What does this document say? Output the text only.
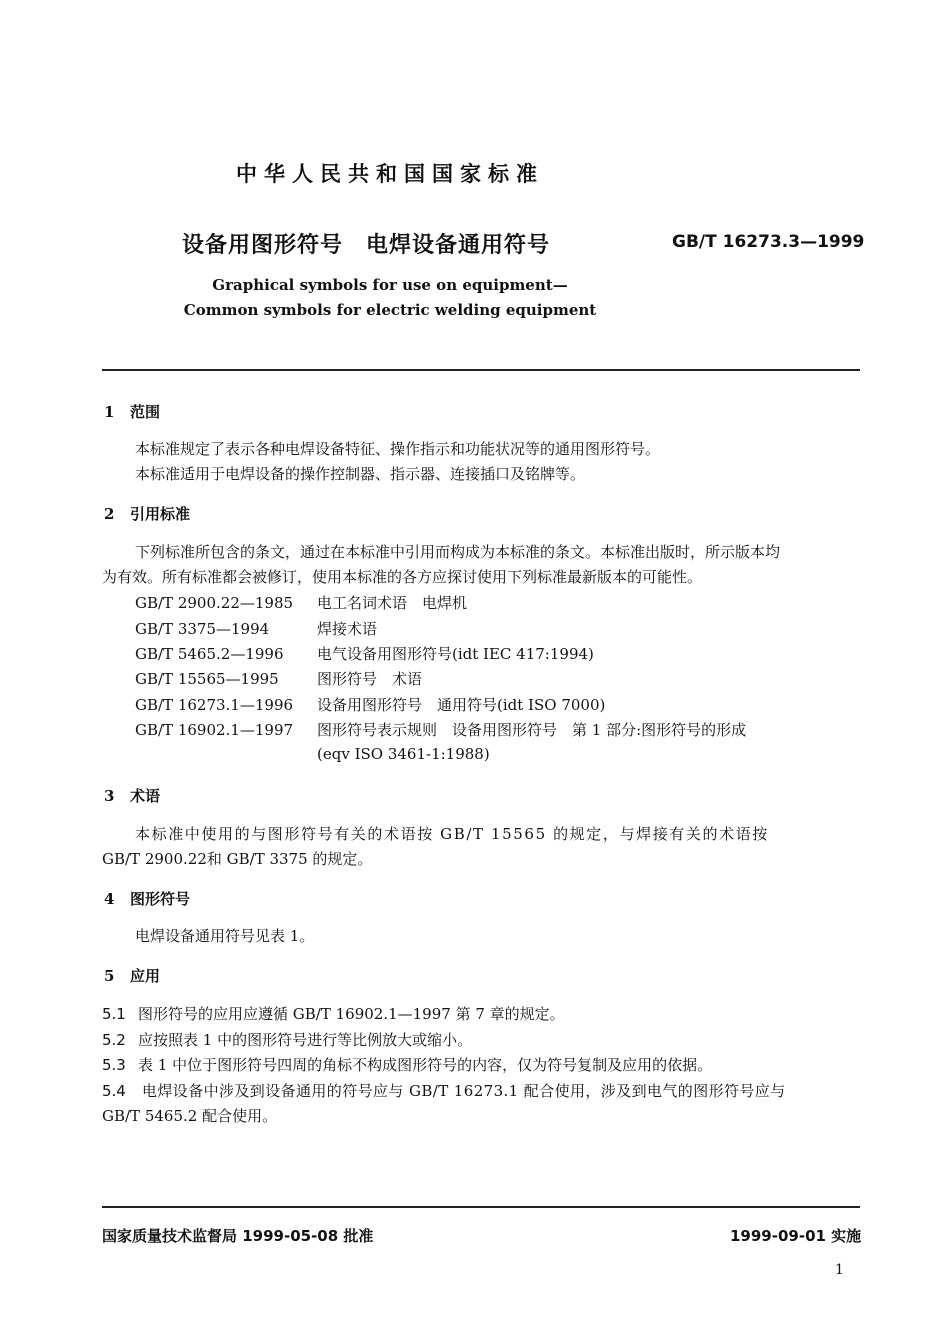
中华人民共和国国家标准
设备用图形符号　电焊设备通用符号	GB/T 16273.3—1999
Graphical symbols for use on equipment—
Common symbols for electric welding equipment
1 范围
本标准规定了表示各种电焊设备特征、操作指示和功能状况等的通用图形符号。
本标准适用于电焊设备的操作控制器、指示器、连接插口及铭牌等。
2 引用标准
下列标准所包含的条文，通过在本标准中引用而构成为本标准的条文。本标准出版时，所示版本均
为有效。所有标准都会被修订，使用本标准的各方应探讨使用下列标准最新版本的可能性。
GB/T 2900.22—1985 电工名词术语　电焊机
GB/T 3375—1994	焊接术语
GB/T 5465.2—1996 电气设备用图形符号(idt IEC 417:1994)
GB/T 15565—1995	图形符号　术语
GB/T 16273.1—1996 设备用图形符号　通用符号(idt ISO 7000)
GB/T 16902.1—1997 图形符号表示规则　设备用图形符号　第 1 部分:图形符号的形成
(eqv ISO 3461-1:1988)
3 术语
本标准中使用的与图形符号有关的术语按 GB/T 15565 的规定，与焊接有关的术语按
GB/T 2900.22和 GB/T 3375 的规定。
4 图形符号
电焊设备通用符号见表 1。
5 应用
5.1 图形符号的应用应遵循 GB/T 16902.1—1997 第 7 章的规定。
5.2 应按照表 1 中的图形符号进行等比例放大或缩小。
5.3 表 1 中位于图形符号四周的角标不构成图形符号的内容，仅为符号复制及应用的依据。
5.4 电焊设备中涉及到设备通用的符号应与 GB/T 16273.1 配合使用，涉及到电气的图形符号应与
GB/T 5465.2 配合使用。
国家质量技术监督局 1999-05-08 批准	1999-09-01 实施
1
